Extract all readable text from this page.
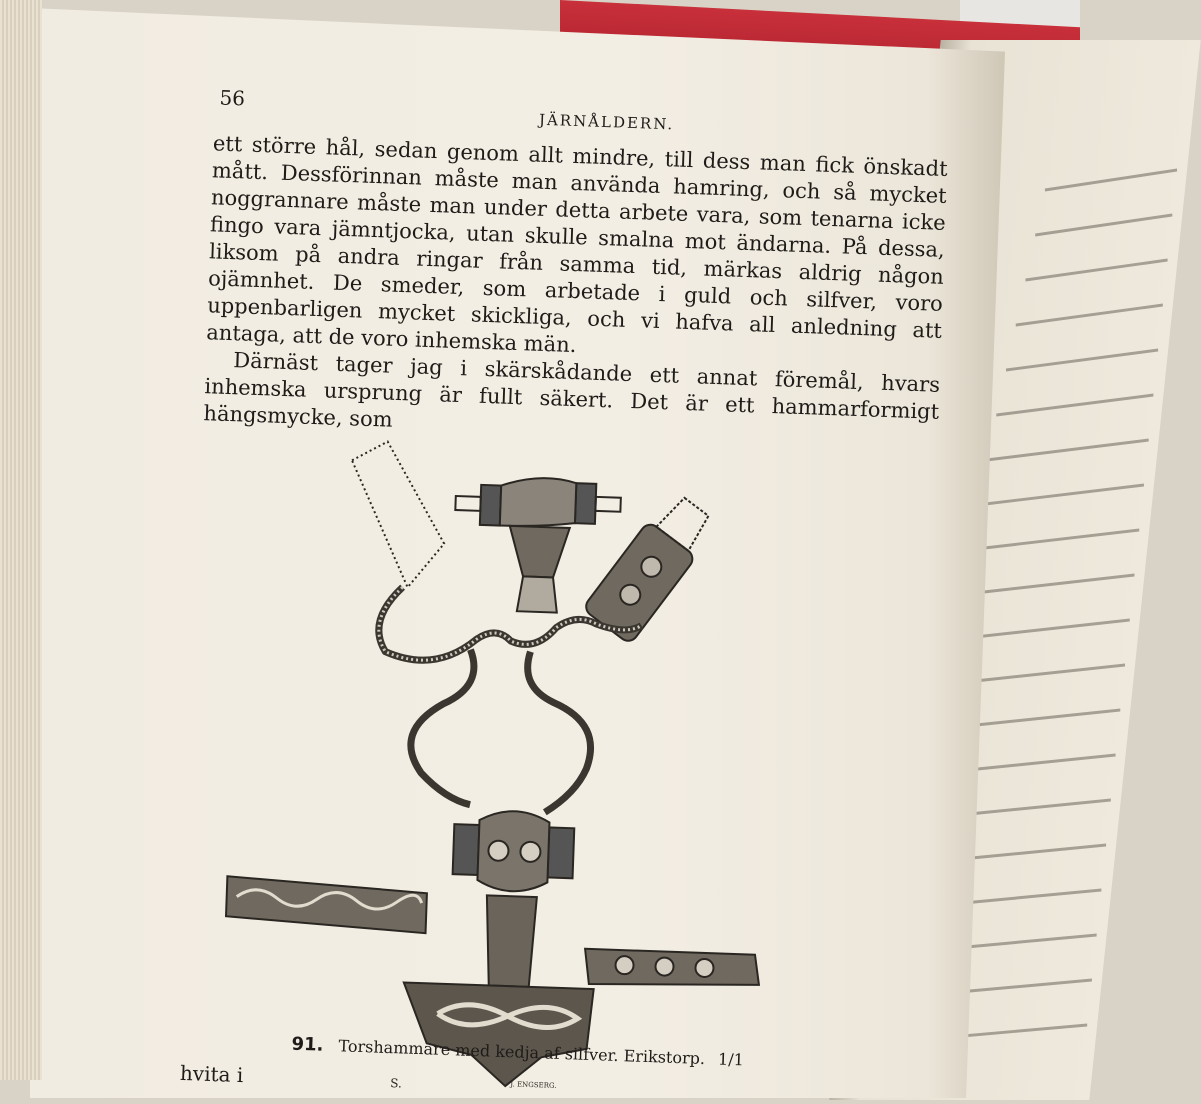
56
JÄRNÅLDERN.

ett större hål, sedan genom allt mindre, till dess man fick önskadt mått. Dessförinnan måste man använda hamring, och så mycket noggrannare måste man under detta arbete vara, som tenarna icke fingo vara jämntjocka, utan skulle smalna mot ändarna. På dessa, liksom på andra ringar från samma tid, märkas aldrig någon ojämnhet. De smeder, som arbetade i guld och silfver, voro uppenbarligen mycket skickliga, och vi hafva all anledning att antaga, att de voro inhemska män.

Därnäst tager jag i skärskådande ett annat föremål, hvars inhemska ursprung är fullt säkert. Det är ett hammarformigt hängsmycke, som

S.	J. ENGSERG.
91. Torshammare med kedja af silfver. Erikstorp. 1/1
hvita i
